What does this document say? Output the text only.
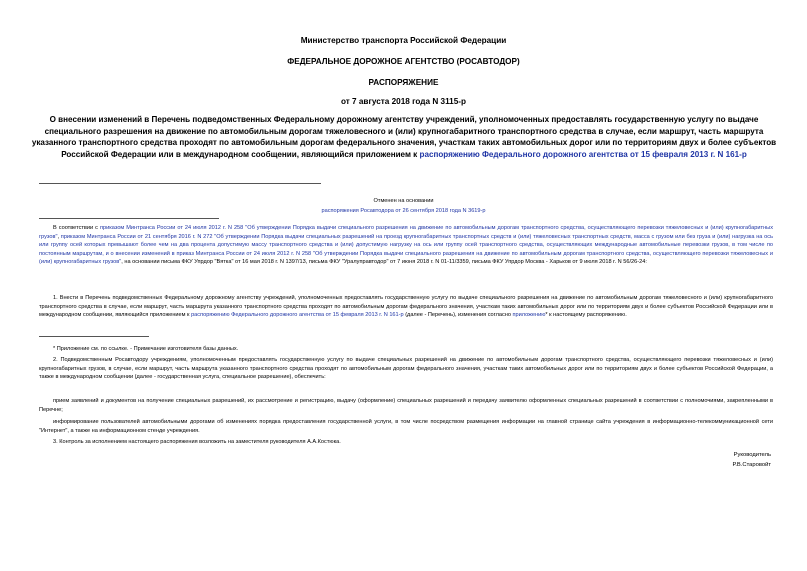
Министерство транспорта Российской Федерации
ФЕДЕРАЛЬНОЕ ДОРОЖНОЕ АГЕНТСТВО (РОСАВТОДОР)
РАСПОРЯЖЕНИЕ
от 7 августа 2018 года N 3115-р
О внесении изменений в Перечень подведомственных Федеральному дорожному агентству учреждений, уполномоченных предоставлять государственную услугу по выдаче специального разрешения на движение по автомобильным дорогам тяжеловесного и (или) крупногабаритного транспортного средства в случае, если маршрут, часть маршрута указанного транспортного средства проходят по автомобильным дорогам федерального значения, участкам таких автомобильных дорог или по территориям двух и более субъектов Российской Федерации или в международном сообщении, являющийся приложением к распоряжению Федерального дорожного агентства от 15 февраля 2013 г. N 161-р
Отменен на основании
распоряжения Росавтодора от 26 сентября 2018 года N 3619-р
В соответствии с приказом Минтранса России от 24 июля 2012 г. N 258 "Об утверждении Порядка выдачи специального разрешения на движение по автомобильным дорогам транспортного средства, осуществляющего перевозки тяжеловесных и (или) крупногабаритных грузов", приказом Минтранса России от 21 сентября 2016 г. N 272 "Об утверждении Порядка выдачи специальных разрешений на проезд крупногабаритных транспортных средств и (или) тяжеловесных транспортных средств, масса с грузом или без груза и (или) нагрузка на ось или группу осей которых превышают более чем на два процента допустимую массу транспортного средства и (или) допустимую нагрузку на ось или группу осей транспортного средства, осуществляющих международные автомобильные перевозки грузов, в том числе по постоянным маршрутам, и о внесении изменений в приказ Минтранса России от 24 июля 2012 г. N 258 "Об утверждении Порядка выдачи специального разрешения на движение по автомобильным дорогам транспортного средства, осуществляющего перевозки тяжеловесных и (или) крупногабаритных грузов", на основании письма ФКУ Упрдор "Вятка" от 16 мая 2018 г. N 1397/13, письма ФКУ "Уралуправтодор" от 7 июня 2018 г. N 01-11/3359, письма ФКУ Упрдор Москва - Харьков от 9 июля 2018 г. N 56/26-24:
1. Внести в Перечень подведомственных Федеральному дорожному агентству учреждений, уполномоченных предоставлять государственную услугу по выдаче специального разрешения на движение по автомобильным дорогам тяжеловесного и (или) крупногабаритного транспортного средства в случае, если маршрут, часть маршрута указанного транспортного средства проходят по автомобильным дорогам федерального значения, участкам таких автомобильных дорог или по территориям двух и более субъектов Российской Федерации или в международном сообщении, являющийся приложением к распоряжению Федерального дорожного агентства от 15 февраля 2013 г. N 161-р (далее - Перечень), изменения согласно приложению* к настоящему распоряжению.
* Приложение см. по ссылке. - Примечание изготовителя базы данных.
2. Подведомственным Росавтодору учреждениям, уполномоченным предоставлять государственную услугу по выдаче специальных разрешений на движение по автомобильным дорогам транспортного средства, осуществляющего перевозки тяжеловесных и (или) крупногабаритных грузов, в случае, если маршрут, часть маршрута указанного транспортного средства проходят по автомобильным дорогам федерального значения, участкам таких автомобильных дорог или по территориям двух и более субъектов Российской Федерации, а также в международном сообщении (далее - государственная услуга, специальное разрешение), обеспечить:
прием заявлений и документов на получение специальных разрешений, их рассмотрение и регистрацию, выдачу (оформление) специальных разрешений и передачу заявителю оформленных специальных разрешений в соответствии с полномочиями, закрепленными в Перечне;
информирование пользователей автомобильными дорогами об изменениях порядка предоставления государственной услуги, в том числе посредством размещения информации на главной странице сайта учреждения в информационно-телекоммуникационной сети "Интернет", а также на информационном стенде учреждения.
3. Контроль за исполнением настоящего распоряжения возложить на заместителя руководителя А.А.Костюка.
Руководитель
Р.В.Старовойт
